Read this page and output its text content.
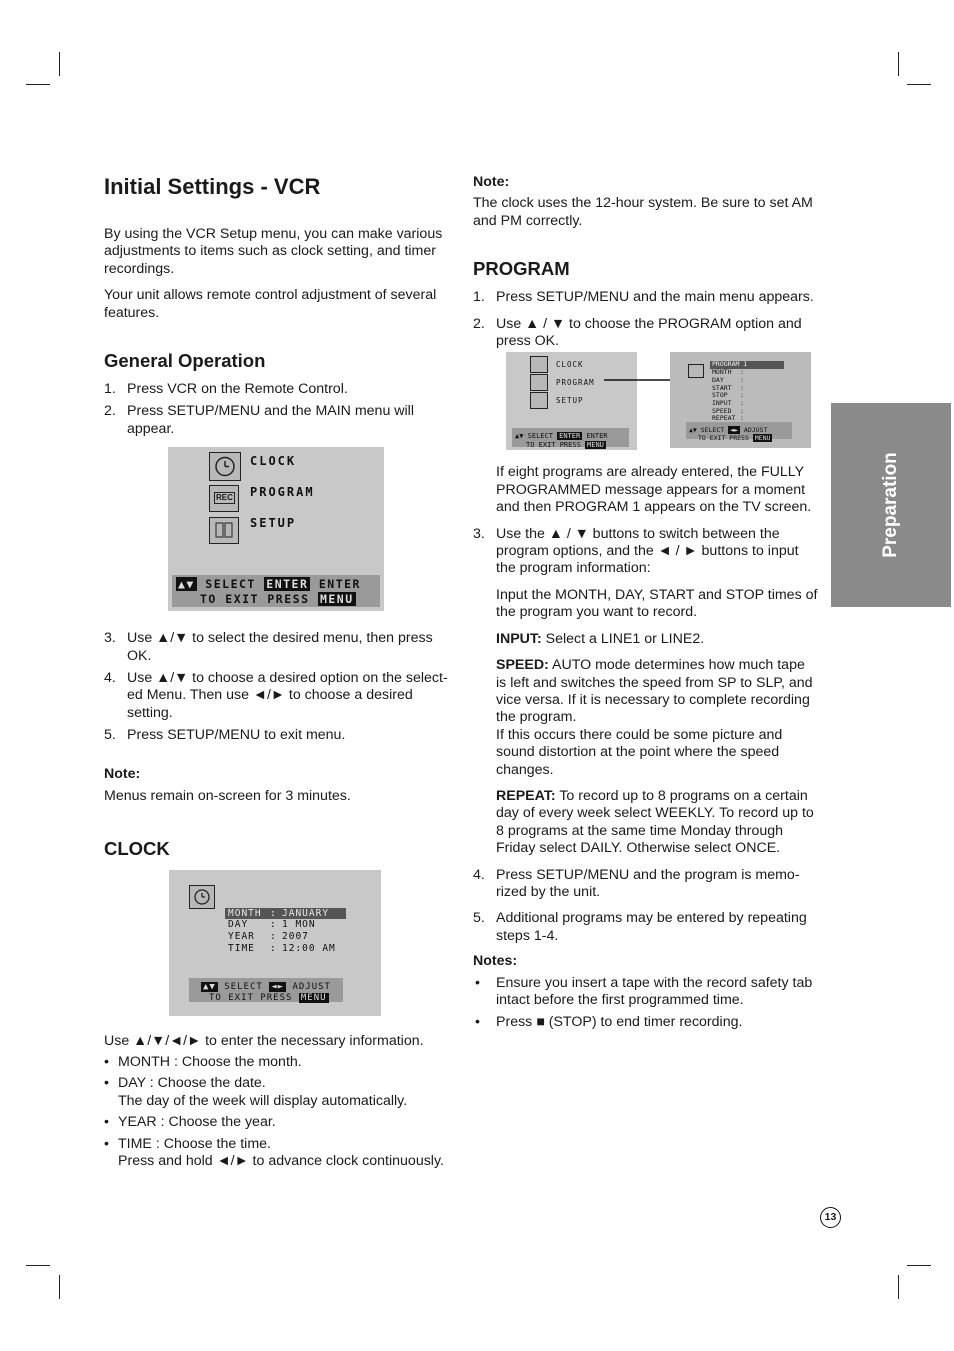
Initial Settings - VCR

By using the VCR Setup menu, you can make various adjustments to items such as clock setting, and timer recordings.

Your unit allows remote control adjustment of several features.

General Operation
1. Press VCR on the Remote Control.
2. Press SETUP/MENU and the MAIN menu will appear.
REC
CLOCK
PROGRAM
SETUP
▲▼ SELECT ENTER ENTER
TO EXIT PRESS MENU
3. Use ▲/▼ to select the desired menu, then press OK.
4. Use ▲/▼ to choose a desired option on the select-ed Menu. Then use ◄/► to choose a desired setting.
5. Press SETUP/MENU to exit menu.

Note:

Menus remain on-screen for 3 minutes.

CLOCK
MONTH : JANUARY
DAY : 1 MON
YEAR : 2007
TIME : 12:00 AM
▲▼ SELECT ◄► ADJUST
TO EXIT PRESS MENU

Use ▲/▼/◄/► to enter the necessary information.

• MONTH : Choose the month.
• DAY : Choose the date.
The day of the week will display automatically.
• YEAR : Choose the year.
• TIME : Choose the time.
Press and hold ◄/► to advance clock continuously.

Note:

The clock uses the 12-hour system. Be sure to set AM and PM correctly.

PROGRAM
1. Press SETUP/MENU and the main menu appears.
2. Use ▲ / ▼ to choose the PROGRAM option and press OK.
CLOCK
PROGRAM
SETUP
▲▼ SELECT ENTER ENTER
TO EXIT PRESS MENU
PROGRAM 1
MONTH :
DAY	:
START :
STOP :
INPUT :
SPEED :
REPEAT :
▲▼ SELECT ◄► ADJUST
TO EXIT PRESS MENU

If eight programs are already entered, the FULLY PROGRAMMED message appears for a moment and then PROGRAM 1 appears on the TV screen.

3. Use the ▲ / ▼ buttons to switch between the program options, and the ◄ / ► buttons to input the program information:

Input the MONTH, DAY, START and STOP times of the program you want to record.

INPUT: Select a LINE1 or LINE2.

SPEED: AUTO mode determines how much tape is left and switches the speed from SP to SLP, and vice versa. If it is necessary to complete recording the program.

If this occurs there could be some picture and sound distortion at the point where the speed changes.

REPEAT: To record up to 8 programs on a certain day of every week select WEEKLY. To record up to 8 programs at the same time Monday through Friday select DAILY. Otherwise select ONCE.

4. Press SETUP/MENU and the program is memo-rized by the unit.
5. Additional programs may be entered by repeating steps 1-4.

Notes:

• Ensure you insert a tape with the record safety tab intact before the first programmed time.
• Press ■ (STOP) to end timer recording.
Preparation
13
